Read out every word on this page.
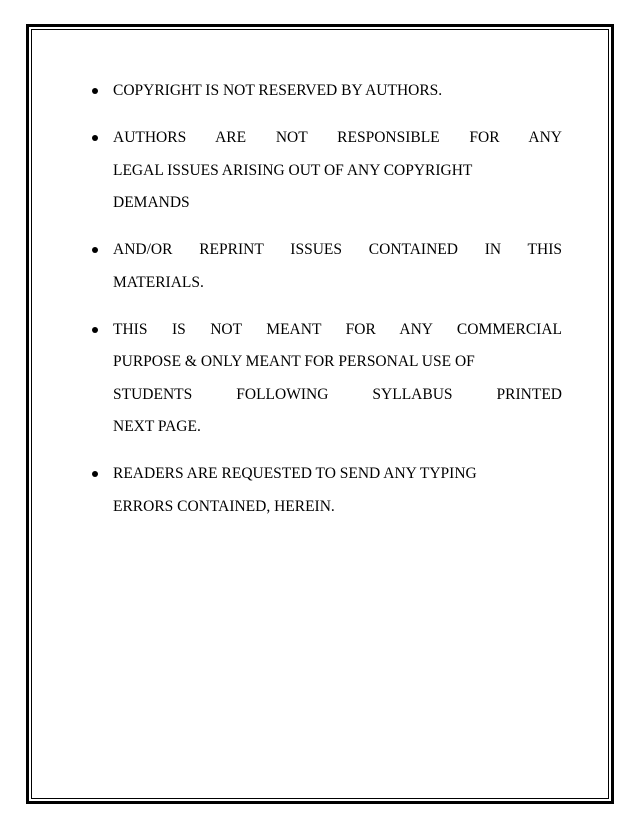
COPYRIGHT IS NOT RESERVED BY AUTHORS.
AUTHORS ARE NOT RESPONSIBLE FOR ANY
LEGAL ISSUES ARISING OUT OF ANY COPYRIGHT
DEMANDS
AND/OR REPRINT ISSUES CONTAINED IN THIS
MATERIALS.
THIS IS NOT MEANT FOR ANY COMMERCIAL
PURPOSE & ONLY MEANT FOR PERSONAL USE OF
STUDENTS FOLLOWING SYLLABUS PRINTED
NEXT PAGE.
READERS ARE REQUESTED TO SEND ANY TYPING
ERRORS CONTAINED, HEREIN.
